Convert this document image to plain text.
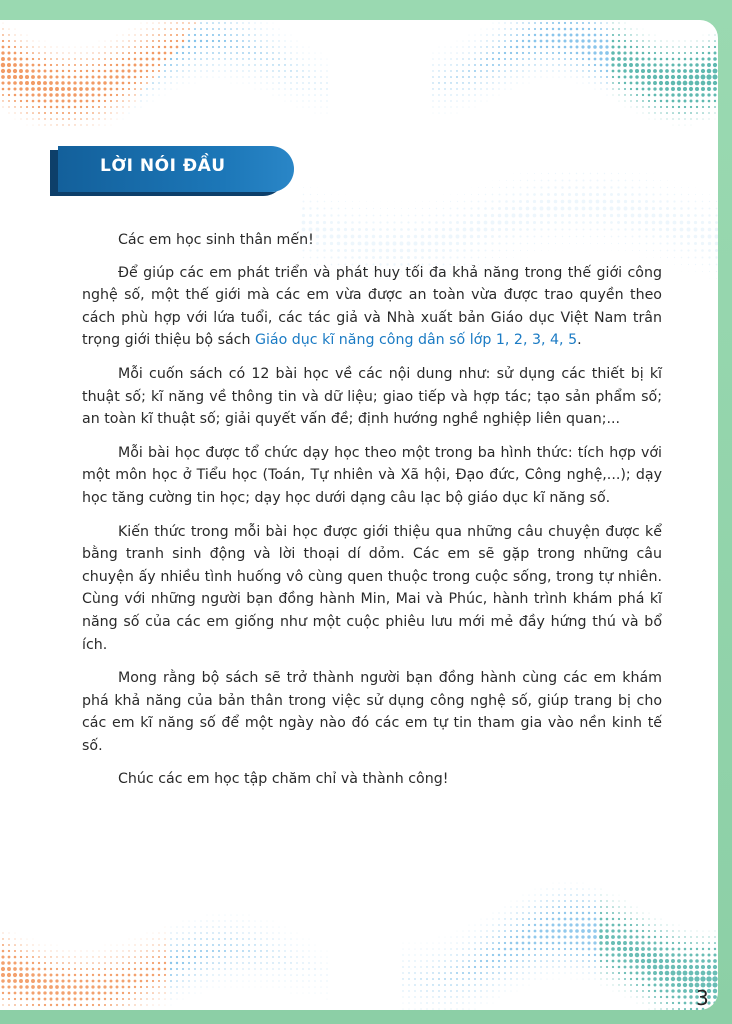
LỜI NÓI ĐẦU

Các em học sinh thân mến!

Để giúp các em phát triển và phát huy tối đa khả năng trong thế giới công nghệ số, một thế giới mà các em vừa được an toàn vừa được trao quyền theo cách phù hợp với lứa tuổi, các tác giả và Nhà xuất bản Giáo dục Việt Nam trân trọng giới thiệu bộ sách Giáo dục kĩ năng công dân số lớp 1, 2, 3, 4, 5.

Mỗi cuốn sách có 12 bài học về các nội dung như: sử dụng các thiết bị kĩ thuật số; kĩ năng về thông tin và dữ liệu; giao tiếp và hợp tác; tạo sản phẩm số; an toàn kĩ thuật số; giải quyết vấn đề; định hướng nghề nghiệp liên quan;...

Mỗi bài học được tổ chức dạy học theo một trong ba hình thức: tích hợp với một môn học ở Tiểu học (Toán, Tự nhiên và Xã hội, Đạo đức, Công nghệ,...); dạy học tăng cường tin học; dạy học dưới dạng câu lạc bộ giáo dục kĩ năng số.

Kiến thức trong mỗi bài học được giới thiệu qua những câu chuyện được kể bằng tranh sinh động và lời thoại dí dỏm. Các em sẽ gặp trong những câu chuyện ấy nhiều tình huống vô cùng quen thuộc trong cuộc sống, trong tự nhiên. Cùng với những người bạn đồng hành Min, Mai và Phúc, hành trình khám phá kĩ năng số của các em giống như một cuộc phiêu lưu mới mẻ đầy hứng thú và bổ ích.

Mong rằng bộ sách sẽ trở thành người bạn đồng hành cùng các em khám phá khả năng của bản thân trong việc sử dụng công nghệ số, giúp trang bị cho các em kĩ năng số để một ngày nào đó các em tự tin tham gia vào nền kinh tế số.

Chúc các em học tập chăm chỉ và thành công!

3
